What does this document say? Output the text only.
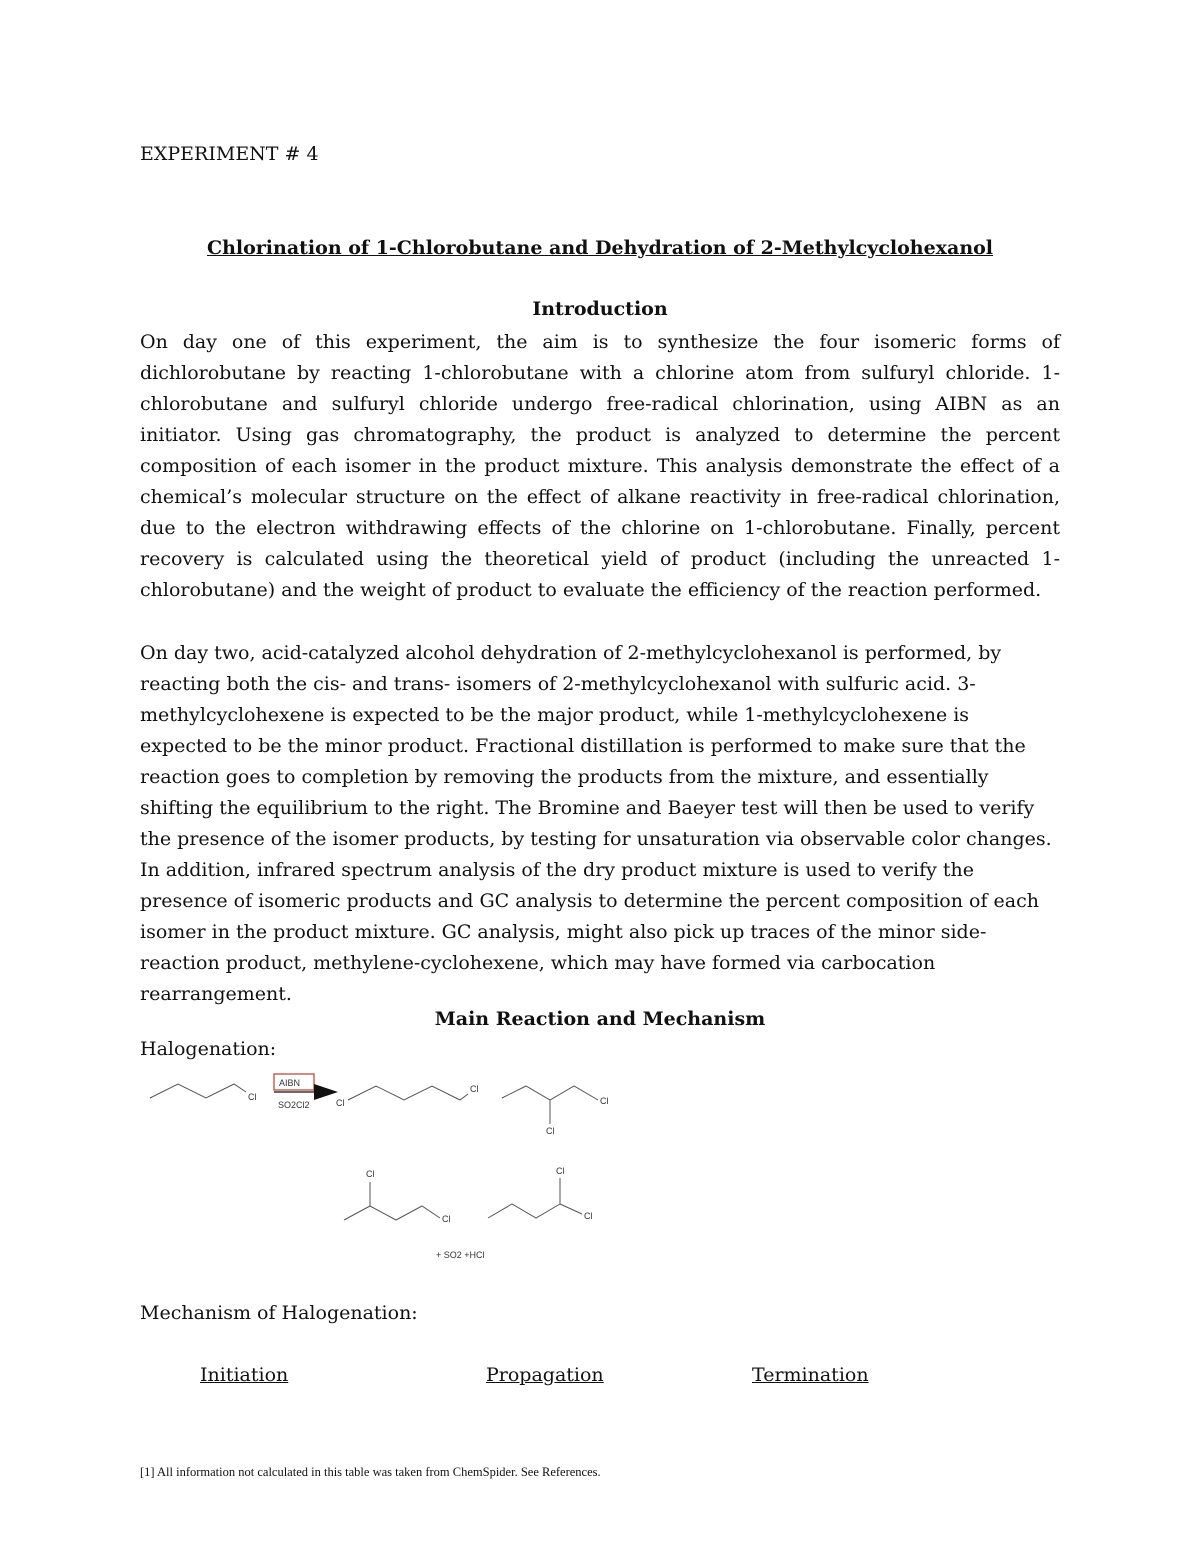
EXPERIMENT # 4
Chlorination of 1-Chlorobutane and Dehydration of 2-Methylcyclohexanol
Introduction
On day one of this experiment, the aim is to synthesize the four isomeric forms of dichlorobutane by reacting 1-chlorobutane with a chlorine atom from sulfuryl chloride. 1-chlorobutane and sulfuryl chloride undergo free-radical chlorination, using AIBN as an initiator. Using gas chromatography, the product is analyzed to determine the percent composition of each isomer in the product mixture. This analysis demonstrate the effect of a chemical’s molecular structure on the effect of alkane reactivity in free-radical chlorination, due to the electron withdrawing effects of the chlorine on 1-chlorobutane. Finally, percent recovery is calculated using the theoretical yield of product (including the unreacted 1-chlorobutane) and the weight of product to evaluate the efficiency of the reaction performed.
On day two, acid-catalyzed alcohol dehydration of 2-methylcyclohexanol is performed, by reacting both the cis- and trans- isomers of 2-methylcyclohexanol with sulfuric acid. 3-methylcyclohexene is expected to be the major product, while 1-methylcyclohexene is expected to be the minor product. Fractional distillation is performed to make sure that the reaction goes to completion by removing the products from the mixture, and essentially shifting the equilibrium to the right. The Bromine and Baeyer test will then be used to verify the presence of the isomer products, by testing for unsaturation via observable color changes. In addition, infrared spectrum analysis of the dry product mixture is used to verify the presence of isomeric products and GC analysis to determine the percent composition of each isomer in the product mixture. GC analysis, might also pick up traces of the minor side-reaction product, methylene-cyclohexene, which may have formed via carbocation rearrangement.
Main Reaction and Mechanism
Halogenation:
Cl
AIBN
SO2Cl2	Cl
Cl
Cl
Cl
Cl
Cl
Cl
Cl
+ SO2 +HCl
Mechanism of Halogenation:
Initiation	Propagation	Termination
[1] All information not calculated in this table was taken from ChemSpider. See References.
